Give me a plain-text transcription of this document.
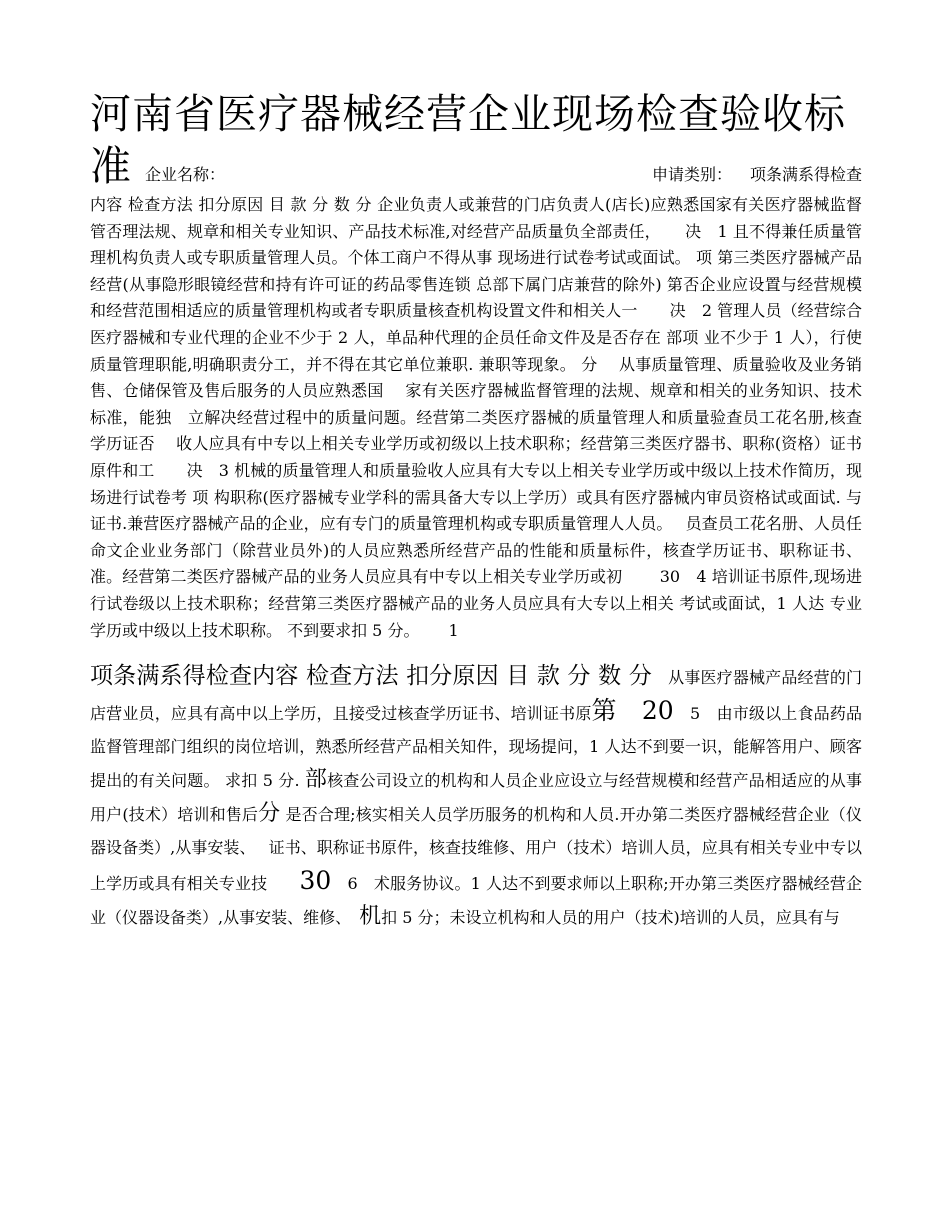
河南省医疗器械经营企业现场检查验收标
准 企业名称：	申请类别： 项条满系得检查

内容 检查方法 扣分原因 目 款 分 数 分 企业负责人或兼营的门店负责人(店长)应熟悉国家有关医疗器械监督管否理法规、规章和相关专业知识、产品技术标准,对经营产品质量负全部责任，　　决　1 且不得兼任质量管理机构负责人或专职质量管理人员。个体工商户不得从事 现场进行试卷考试或面试。 项 第三类医疗器械产品经营(从事隐形眼镜经营和持有许可证的药品零售连锁 总部下属门店兼营的除外) 第否企业应设置与经营规模和经营范围相适应的质量管理机构或者专职质量核查机构设置文件和相关人一　　决　2 管理人员（经营综合医疗器械和专业代理的企业不少于 2 人，单品种代理的企员任命文件及是否存在 部项 业不少于 1 人），行使质量管理职能,明确职责分工，并不得在其它单位兼职. 兼职等现象。 分　 从事质量管理、质量验收及业务销售、仓储保管及售后服务的人员应熟悉国　 家有关医疗器械监督管理的法规、规章和相关的业务知识、技术标准，能独　立解决经营过程中的质量问题。经营第二类医疗器械的质量管理人和质量验查员工花名册,核查学历证否　 收人应具有中专以上相关专业学历或初级以上技术职称；经营第三类医疗器书、职称(资格）证书原件和工　　决　3 机械的质量管理人和质量验收人应具有大专以上相关专业学历或中级以上技术作简历，现场进行试卷考 项 构职称(医疗器械专业学科的需具备大专以上学历）或具有医疗器械内审员资格试或面试. 与证书.兼营医疗器械产品的企业，应有专门的质量管理机构或专职质量管理人人员。　 员查员工花名册、人员任命文企业业务部门（除营业员外)的人员应熟悉所经营产品的性能和质量标件，核查学历证书、职称证书、准。经营第二类医疗器械产品的业务人员应具有中专以上相关专业学历或初　　 30　4 培训证书原件,现场进行试卷级以上技术职称；经营第三类医疗器械产品的业务人员应具有大专以上相关 考试或面试，1 人达 专业学历或中级以上技术职称。 不到要求扣 5 分。　　 1

项条满系得检查内容 检查方法 扣分原因 目 款 分 数 分　从事医疗器械产品经营的门店营业员，应具有高中以上学历，且接受过核查学历证书、培训证书原第　20　5　由市级以上食品药品监督管理部门组织的岗位培训，熟悉所经营产品相关知件，现场提问，1 人达不到要一识，能解答用户、顾客提出的有关问题。 求扣 5 分. 部核查公司设立的机构和人员企业应设立与经营规模和经营产品相适应的从事用户(技术）培训和售后分 是否合理;核实相关人员学历服务的机构和人员.开办第二类医疗器械经营企业（仪器设备类）,从事安装、　 证书、职称证书原件，核查技维修、用户（技术）培训人员，应具有相关专业中专以上学历或具有相关专业技　　30　6　术服务协议。1 人达不到要求师以上职称;开办第三类医疗器械经营企业（仪器设备类）,从事安装、维修、　机扣 5 分；未设立机构和人员的用户（技术)培训的人员，应具有与
